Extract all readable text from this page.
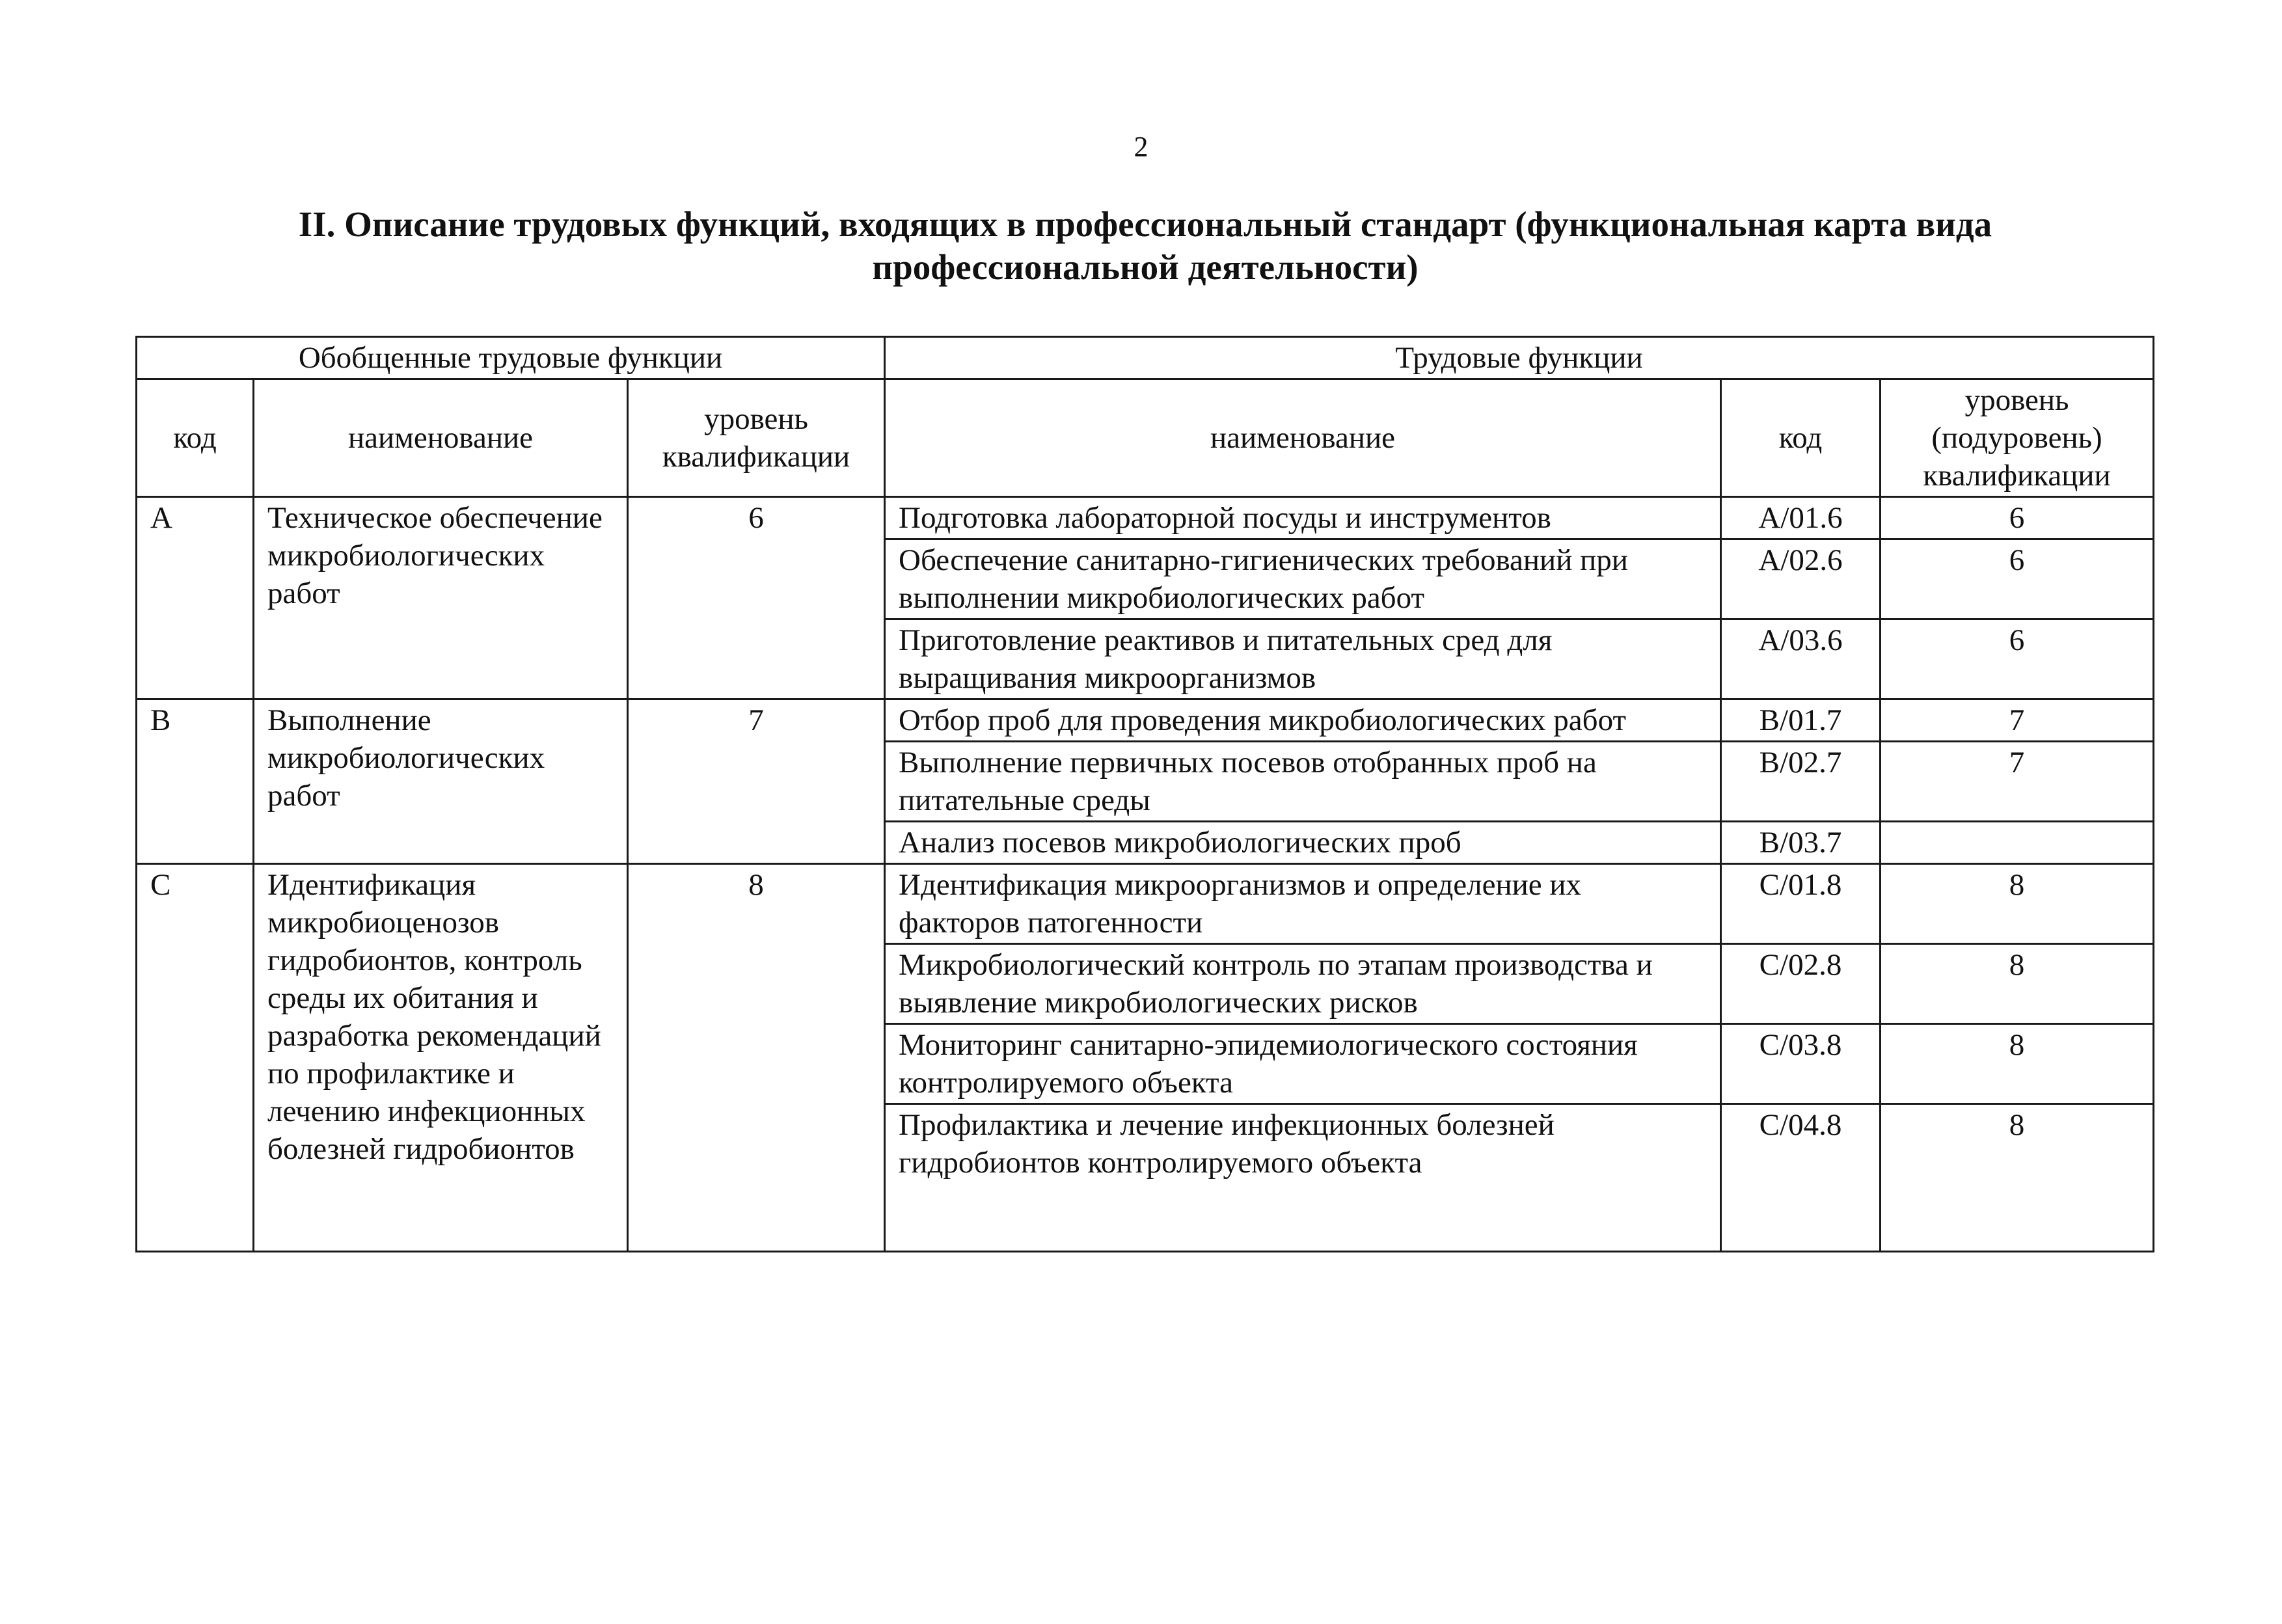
2
II. Описание трудовых функций, входящих в профессиональный стандарт (функциональная карта вида профессиональной деятельности)
Обобщенные трудовые функции			Трудовые функции		
код	наименование	уровень квалификации	наименование	код	уровень (подуровень) квалификации
A	Техническое обеспечение микробиологических работ	6	Подготовка лабораторной посуды и инструментов	A/01.6	6
			Обеспечение санитарно-гигиенических требований при выполнении микробиологических работ	A/02.6	6
			Приготовление реактивов и питательных сред для выращивания микроорганизмов	A/03.6	6
B	Выполнение микробиологических работ	7	Отбор проб для проведения микробиологических работ	B/01.7	7
			Выполнение первичных посевов отобранных проб на питательные среды	B/02.7	7
			Анализ посевов микробиологических проб	B/03.7	
C	Идентификация микробиоценозов гидробионтов, контроль среды их обитания и разработка рекомендаций по профилактике и лечению инфекционных болезней гидробионтов	8	Идентификация микроорганизмов и определение их факторов патогенности	C/01.8	8
			Микробиологический контроль по этапам производства и выявление микробиологических рисков	C/02.8	8
			Мониторинг санитарно-эпидемиологического состояния контролируемого объекта	C/03.8	8
			Профилактика и лечение инфекционных болезней гидробионтов контролируемого объекта	C/04.8	8
